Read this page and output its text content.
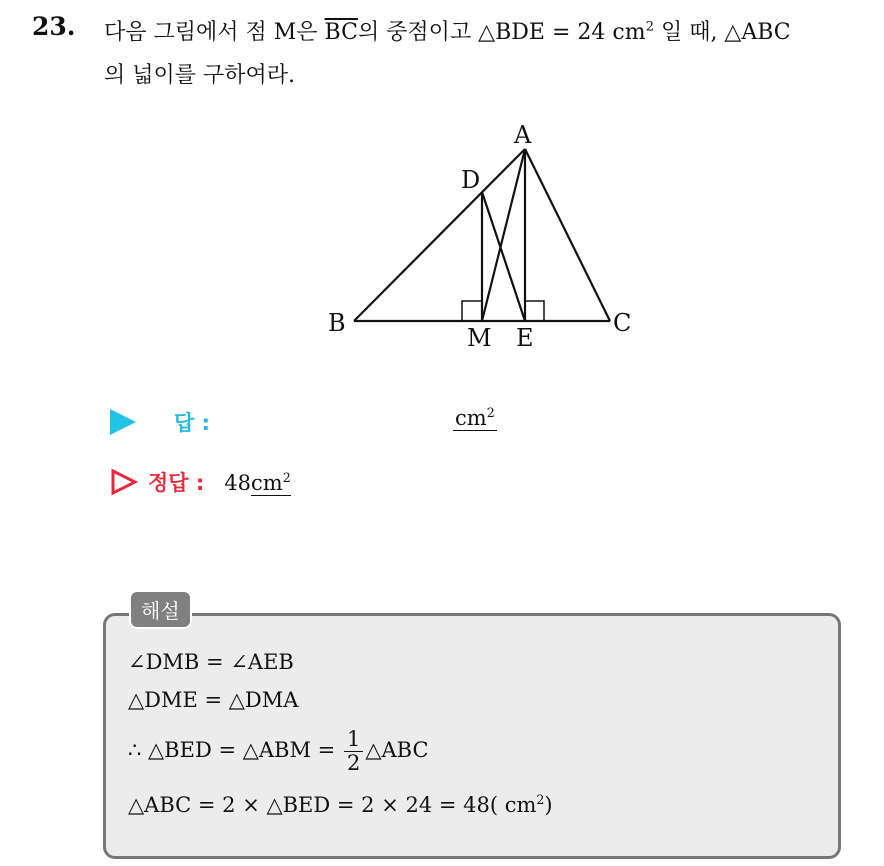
23. 다음 그림에서 점 M은 $\overline{BC}$의 중점이고 △BDE = 24 $cm^2$ 일 때, △ABC
의 넓이를 구하여라.
A
D
B	C
M E
답 :	$cm^2$
정답 : $48cm^2$
해설
∠DMB = ∠AEB
△DME = △DMA
∴ △BED = △ABM = $\frac{1}{2}$ △ABC
△ABC = 2 × △BED = 2 × 24 = 48( $cm^2$)
